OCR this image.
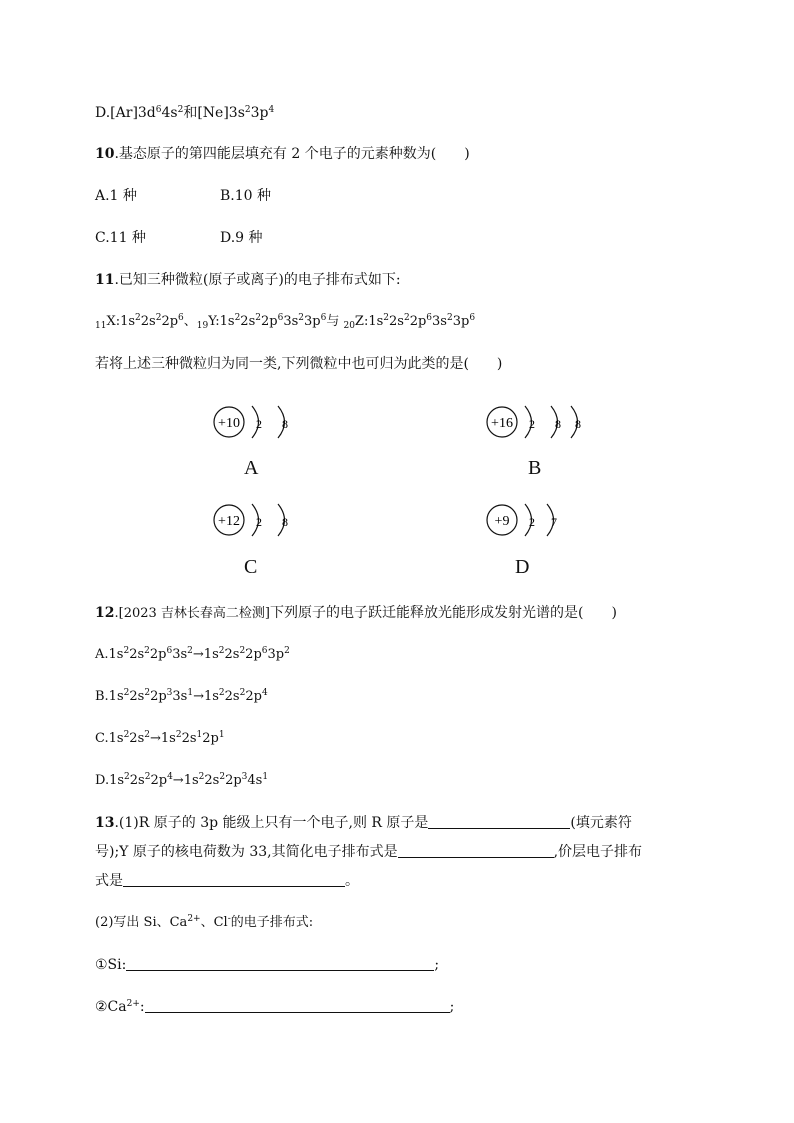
$D.[Ar]3d^64s^2$和$[Ne]3s^23p^4$
10.基态原子的第四能层填充有 2 个电子的元素种数为(　　)
A.1 种	B.10 种
C.11 种	D.9 种
11.已知三种微粒(原子或离子)的电子排布式如下:
$_{11}X:1s^22s^22p^6$、$_{19}Y:1s^22s^22p^63s^23p^6$与 $_{20}Z:1s^22s^22p^63s^23p^6$
若将上述三种微粒归为同一类,下列微粒中也可归为此类的是(　　)
+10 2 8
A
+16 2 8 8
B
+12 2 8
C
+9 2 7
D
12.[2023 吉林长春高二检测]下列原子的电子跃迁能释放光能形成发射光谱的是(　　)
$A.1s^22s^22p^63s^2\to 1s^22s^22p^63p^2$
$B.1s^22s^22p^33s^1\to 1s^22s^22p^4$
$C.1s^22s^2\to 1s^22s^12p^1$
$D.1s^22s^22p^4\to 1s^22s^22p^34s^1$
13.(1)R 原子的 3p 能级上只有一个电子,则 R 原子是	(填元素符
号);Y 原子的核电荷数为 33,其简化电子排布式是	,价层电子排布
式是	。
(2)写出 Si、$Ca^{2+}$、Cl-的电子排布式:
①Si:	;
$②Ca^{2+}$:	;
